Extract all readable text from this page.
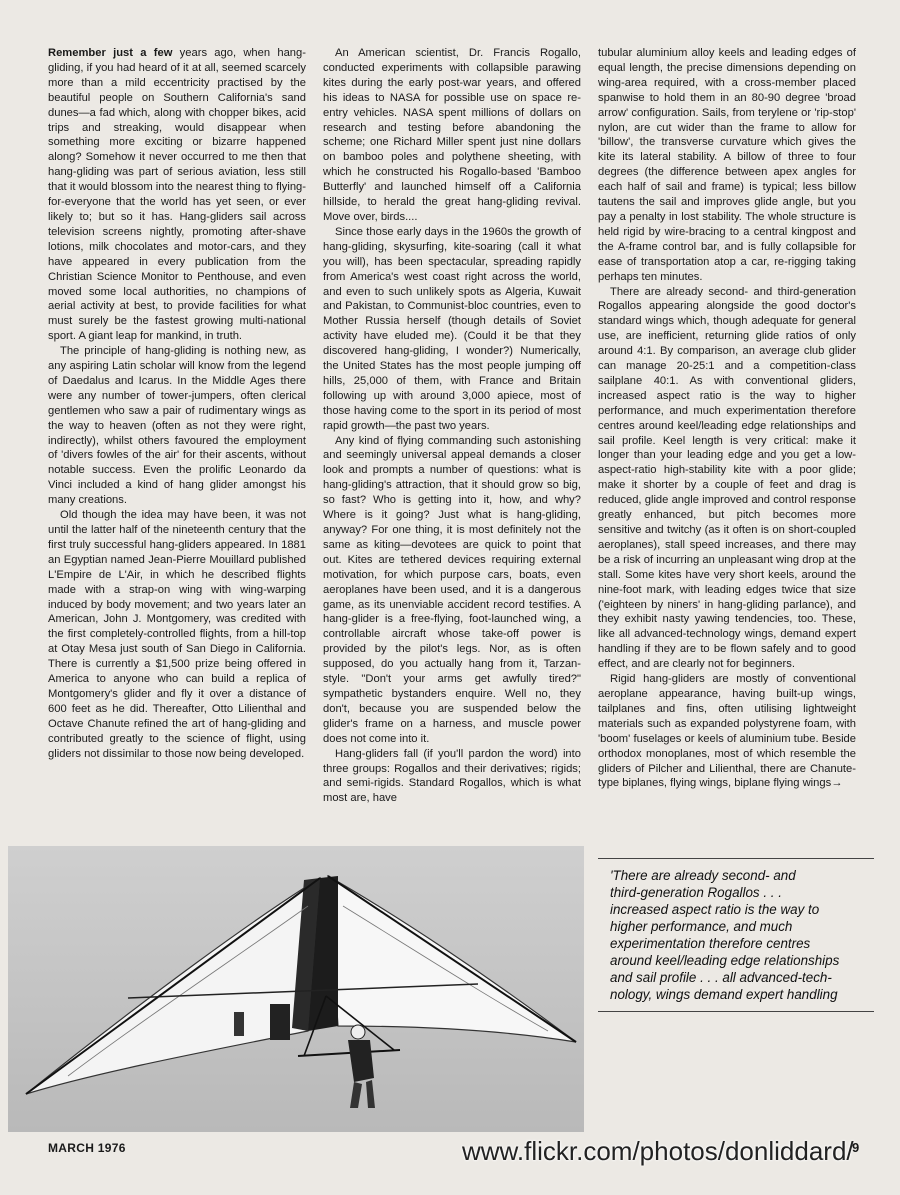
Remember just a few years ago, when hang-gliding, if you had heard of it at all, seemed scarcely more than a mild eccentricity practised by the beautiful people on Southern California's sand dunes—a fad which, along with chopper bikes, acid trips and streaking, would disappear when something more exciting or bizarre happened along? Somehow it never occurred to me then that hang-gliding was part of serious aviation, less still that it would blossom into the nearest thing to flying-for-everyone that the world has yet seen, or ever likely to; but so it has. Hang-gliders sail across television screens nightly, promoting after-shave lotions, milk chocolates and motor-cars, and they have appeared in every publication from the Christian Science Monitor to Penthouse, and even moved some local authorities, no champions of aerial activity at best, to provide facilities for what must surely be the fastest growing multi-national sport. A giant leap for mankind, in truth.

The principle of hang-gliding is nothing new, as any aspiring Latin scholar will know from the legend of Daedalus and Icarus. In the Middle Ages there were any number of tower-jumpers, often clerical gentlemen who saw a pair of rudimentary wings as the way to heaven (often as not they were right, indirectly), whilst others favoured the employment of 'divers fowles of the air' for their ascents, without notable success. Even the prolific Leonardo da Vinci included a kind of hang glider amongst his many creations.

Old though the idea may have been, it was not until the latter half of the nineteenth century that the first truly successful hang-gliders appeared. In 1881 an Egyptian named Jean-Pierre Mouillard published L'Empire de L'Air, in which he described flights made with a strap-on wing with wing-warping induced by body movement; and two years later an American, John J. Montgomery, was credited with the first completely-controlled flights, from a hill-top at Otay Mesa just south of San Diego in California. There is currently a $1,500 prize being offered in America to anyone who can build a replica of Montgomery's glider and fly it over a distance of 600 feet as he did. Thereafter, Otto Lilienthal and Octave Chanute refined the art of hang-gliding and contributed greatly to the science of flight, using gliders not dissimilar to those now being developed.

An American scientist, Dr. Francis Rogallo, conducted experiments with collapsible parawing kites during the early post-war years, and offered his ideas to NASA for possible use on space re-entry vehicles. NASA spent millions of dollars on research and testing before abandoning the scheme; one Richard Miller spent just nine dollars on bamboo poles and polythene sheeting, with which he constructed his Rogallo-based 'Bamboo Butterfly' and launched himself off a California hillside, to herald the great hang-gliding revival. Move over, birds....

Since those early days in the 1960s the growth of hang-gliding, skysurfing, kite-soaring (call it what you will), has been spectacular, spreading rapidly from America's west coast right across the world, and even to such unlikely spots as Algeria, Kuwait and Pakistan, to Communist-bloc countries, even to Mother Russia herself (though details of Soviet activity have eluded me). (Could it be that they discovered hang-gliding, I wonder?) Numerically, the United States has the most people jumping off hills, 25,000 of them, with France and Britain following up with around 3,000 apiece, most of those having come to the sport in its period of most rapid growth—the past two years.

Any kind of flying commanding such astonishing and seemingly universal appeal demands a closer look and prompts a number of questions: what is hang-gliding's attraction, that it should grow so big, so fast? Who is getting into it, how, and why? Where is it going? Just what is hang-gliding, anyway? For one thing, it is most definitely not the same as kiting—devotees are quick to point that out. Kites are tethered devices requiring external motivation, for which purpose cars, boats, even aeroplanes have been used, and it is a dangerous game, as its unenviable accident record testifies. A hang-glider is a free-flying, foot-launched wing, a controllable aircraft whose take-off power is provided by the pilot's legs. Nor, as is often supposed, do you actually hang from it, Tarzan-style. "Don't your arms get awfully tired?" sympathetic bystanders enquire. Well no, they don't, because you are suspended below the glider's frame on a harness, and muscle power does not come into it.

Hang-gliders fall (if you'll pardon the word) into three groups: Rogallos and their derivatives; rigids; and semi-rigids. Standard Rogallos, which is what most are, have

tubular aluminium alloy keels and leading edges of equal length, the precise dimensions depending on wing-area required, with a cross-member placed spanwise to hold them in an 80-90 degree 'broad arrow' configuration. Sails, from terylene or 'rip-stop' nylon, are cut wider than the frame to allow for 'billow', the transverse curvature which gives the kite its lateral stability. A billow of three to four degrees (the difference between apex angles for each half of sail and frame) is typical; less billow tautens the sail and improves glide angle, but you pay a penalty in lost stability. The whole structure is held rigid by wire-bracing to a central kingpost and the A-frame control bar, and is fully collapsible for ease of transportation atop a car, re-rigging taking perhaps ten minutes.

There are already second- and third-generation Rogallos appearing alongside the good doctor's standard wings which, though adequate for general use, are inefficient, returning glide ratios of only around 4:1. By comparison, an average club glider can manage 20-25:1 and a competition-class sailplane 40:1. As with conventional gliders, increased aspect ratio is the way to higher performance, and much experimentation therefore centres around keel/leading edge relationships and sail profile. Keel length is very critical: make it longer than your leading edge and you get a low-aspect-ratio high-stability kite with a poor glide; make it shorter by a couple of feet and drag is reduced, glide angle improved and control response greatly enhanced, but pitch becomes more sensitive and twitchy (as it often is on short-coupled aeroplanes), stall speed increases, and there may be a risk of incurring an unpleasant wing drop at the stall. Some kites have very short keels, around the nine-foot mark, with leading edges twice that size ('eighteen by niners' in hang-gliding parlance), and they exhibit nasty yawing tendencies, too. These, like all advanced-technology wings, demand expert handling if they are to be flown safely and to good effect, and are clearly not for beginners.

Rigid hang-gliders are mostly of conventional aeroplane appearance, having built-up wings, tailplanes and fins, often utilising lightweight materials such as expanded polystyrene foam, with 'boom' fuselages or keels of aluminium tube. Beside orthodox monoplanes, most of which resemble the gliders of Pilcher and Lilienthal, there are Chanute-type biplanes, flying wings, biplane flying wings→

'There are already second- and
third-generation Rogallos . . .
increased aspect ratio is the way to
higher performance, and much
experimentation therefore centres
around keel/leading edge relationships
and sail profile . . . all advanced-tech-
nology, wings demand expert handling
MARCH 1976	www.flickr.com/photos/donliddard/
9
